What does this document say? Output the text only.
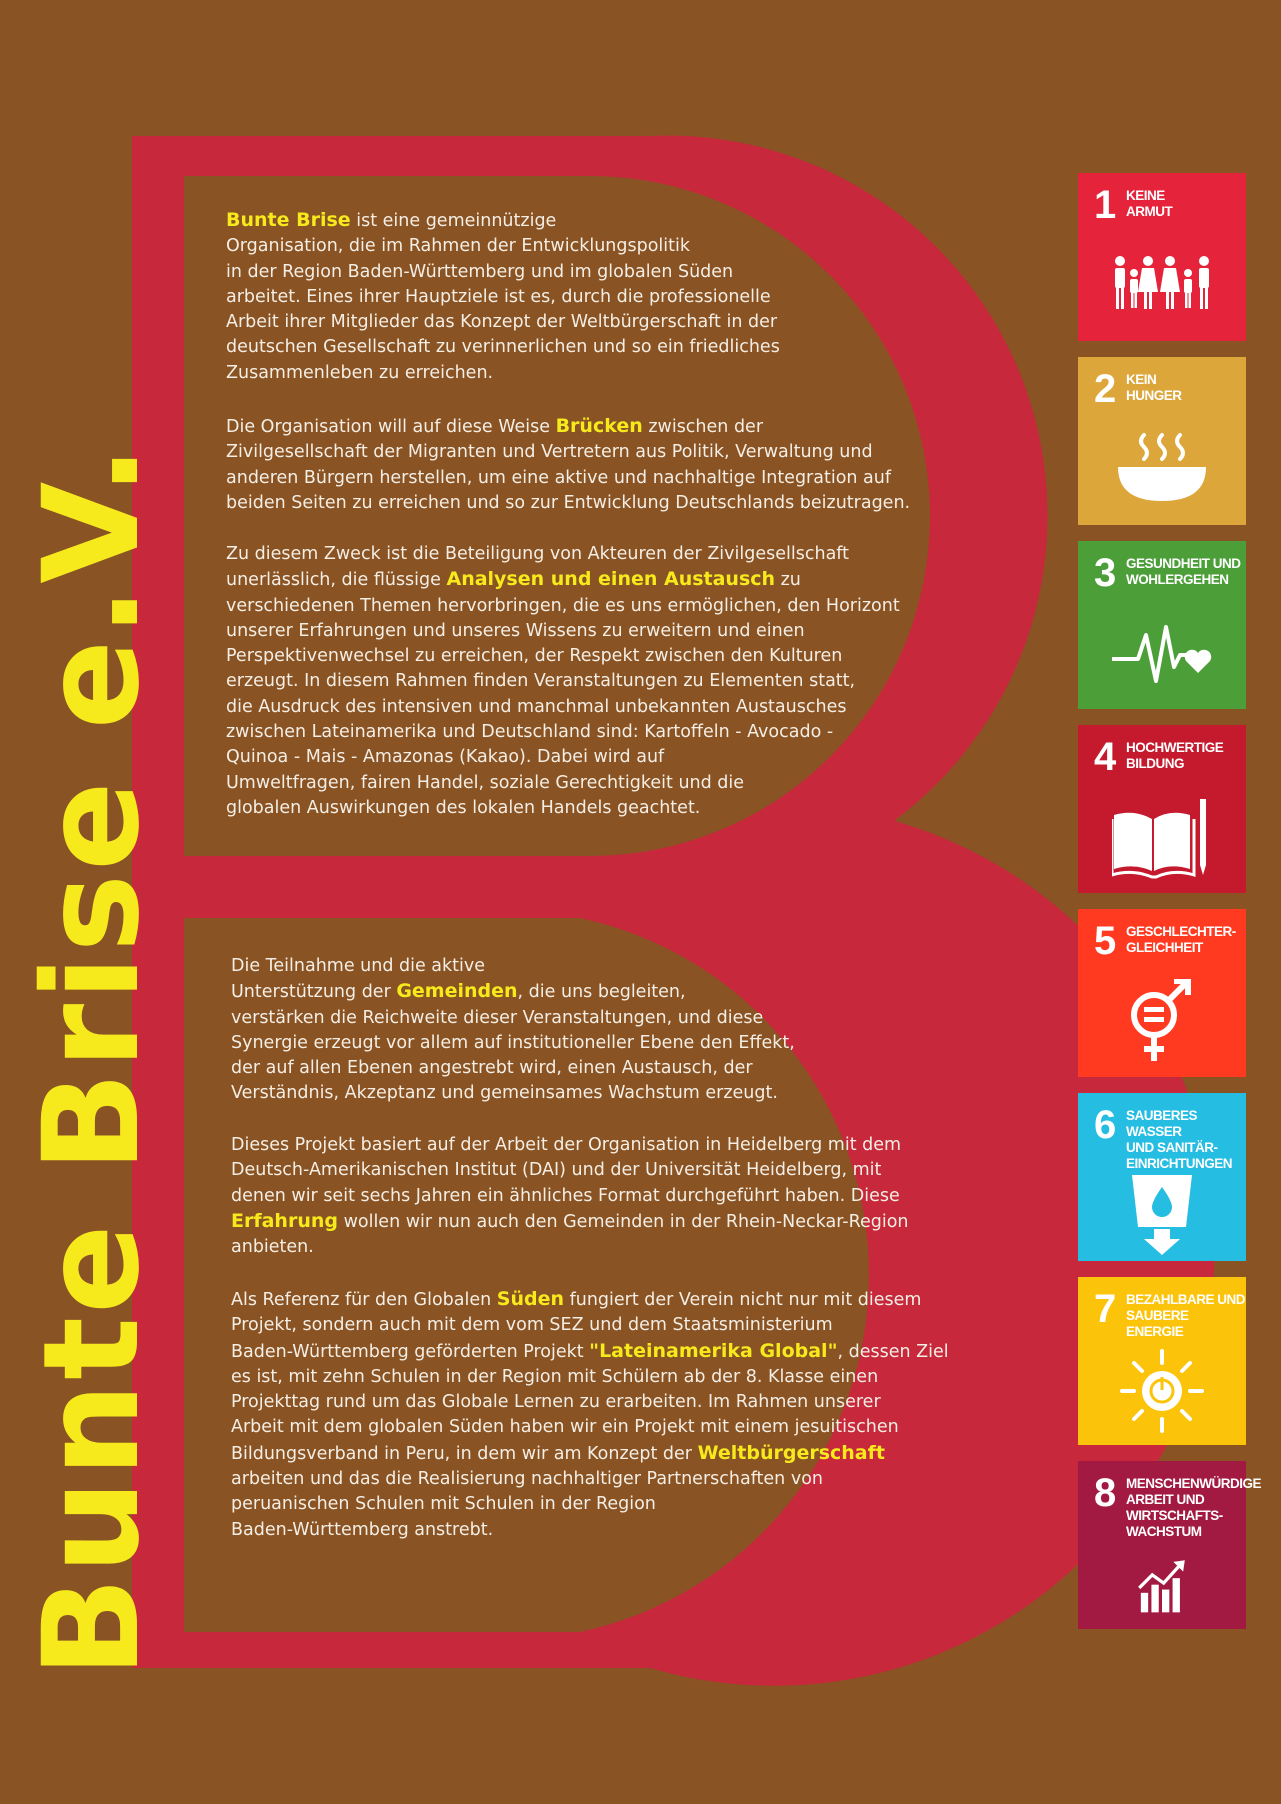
Bunte Brise e.V.
Bunte Brise ist eine gemeinnützige
Organisation, die im Rahmen der Entwicklungspolitik
in der Region Baden-Württemberg und im globalen Süden
arbeitet. Eines ihrer Hauptziele ist es, durch die professionelle
Arbeit ihrer Mitglieder das Konzept der Weltbürgerschaft in der
deutschen Gesellschaft zu verinnerlichen und so ein friedliches
Zusammenleben zu erreichen.
Die Organisation will auf diese Weise Brücken zwischen der
Zivilgesellschaft der Migranten und Vertretern aus Politik, Verwaltung und
anderen Bürgern herstellen, um eine aktive und nachhaltige Integration auf
beiden Seiten zu erreichen und so zur Entwicklung Deutschlands beizutragen.
Zu diesem Zweck ist die Beteiligung von Akteuren der Zivilgesellschaft
unerlässlich, die flüssige Analysen und einen Austausch zu
verschiedenen Themen hervorbringen, die es uns ermöglichen, den Horizont
unserer Erfahrungen und unseres Wissens zu erweitern und einen
Perspektivenwechsel zu erreichen, der Respekt zwischen den Kulturen
erzeugt. In diesem Rahmen finden Veranstaltungen zu Elementen statt,
die Ausdruck des intensiven und manchmal unbekannten Austausches
zwischen Lateinamerika und Deutschland sind: Kartoffeln - Avocado -
Quinoa - Mais - Amazonas (Kakao). Dabei wird auf
Umweltfragen, fairen Handel, soziale Gerechtigkeit und die
globalen Auswirkungen des lokalen Handels geachtet.
Die Teilnahme und die aktive
Unterstützung der Gemeinden, die uns begleiten,
verstärken die Reichweite dieser Veranstaltungen, und diese
Synergie erzeugt vor allem auf institutioneller Ebene den Effekt,
der auf allen Ebenen angestrebt wird, einen Austausch, der
Verständnis, Akzeptanz und gemeinsames Wachstum erzeugt.
Dieses Projekt basiert auf der Arbeit der Organisation in Heidelberg mit dem
Deutsch-Amerikanischen Institut (DAI) und der Universität Heidelberg, mit
denen wir seit sechs Jahren ein ähnliches Format durchgeführt haben. Diese
Erfahrung wollen wir nun auch den Gemeinden in der Rhein-Neckar-Region
anbieten.
Als Referenz für den Globalen Süden fungiert der Verein nicht nur mit diesem
Projekt, sondern auch mit dem vom SEZ und dem Staatsministerium
Baden-Württemberg geförderten Projekt "Lateinamerika Global", dessen Ziel
es ist, mit zehn Schulen in der Region mit Schülern ab der 8. Klasse einen
Projekttag rund um das Globale Lernen zu erarbeiten. Im Rahmen unserer
Arbeit mit dem globalen Süden haben wir ein Projekt mit einem jesuitischen
Bildungsverband in Peru, in dem wir am Konzept der Weltbürgerschaft
arbeiten und das die Realisierung nachhaltiger Partnerschaften von
peruanischen Schulen mit Schulen in der Region
Baden-Württemberg anstrebt.
1 KEINE
ARMUT
2 KEIN
HUNGER
3 GESUNDHEIT UND
WOHLERGEHEN
4 HOCHWERTIGE
BILDUNG
5 GESCHLECHTER-
GLEICHHEIT
6 SAUBERES WASSER
UND SANITÄR-
EINRICHTUNGEN
7 BEZAHLBARE UND
SAUBERE ENERGIE
8 MENSCHENWÜRDIGE
ARBEIT UND
WIRTSCHAFTS-
WACHSTUM
